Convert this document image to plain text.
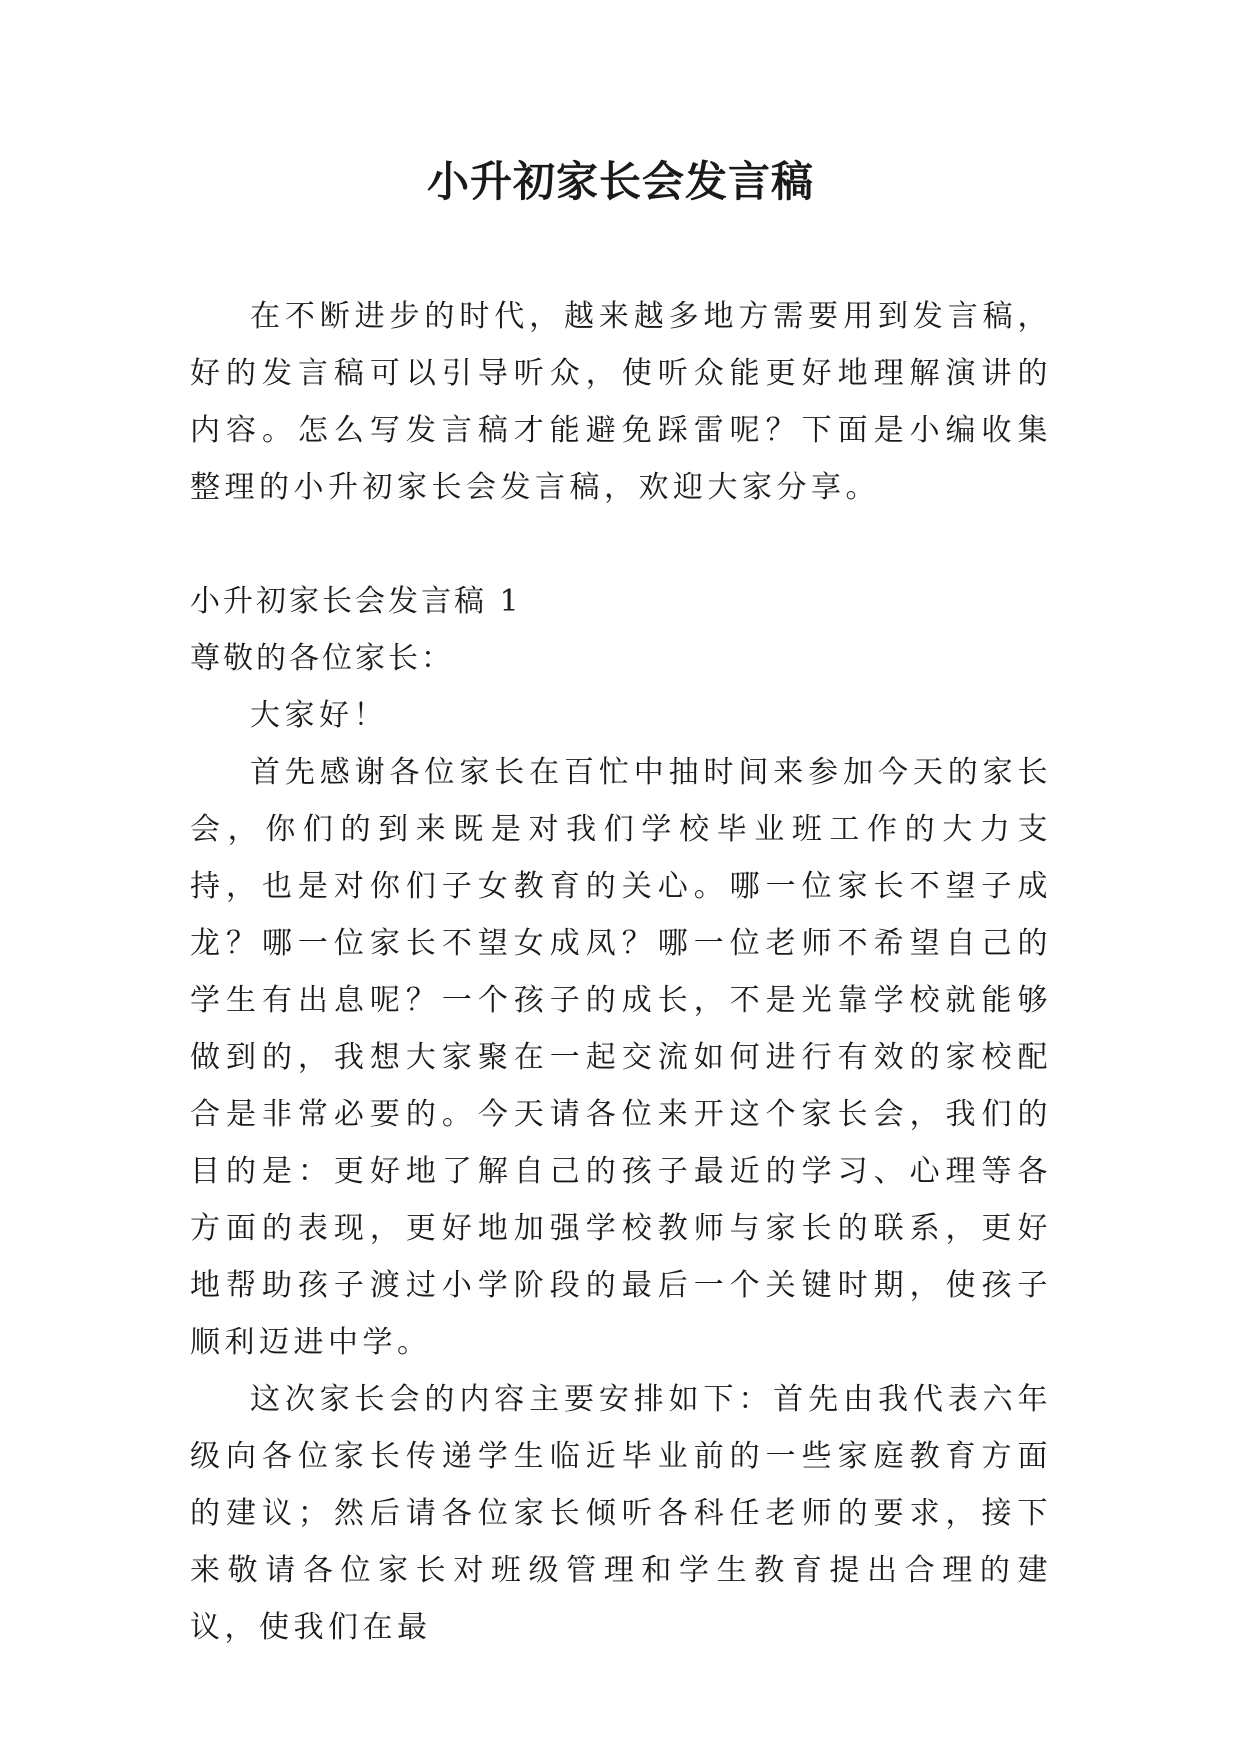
小升初家长会发言稿

在不断进步的时代，越来越多地方需要用到发言稿，好的发言稿可以引导听众，使听众能更好地理解演讲的内容。怎么写发言稿才能避免踩雷呢？下面是小编收集整理的小升初家长会发言稿，欢迎大家分享。

小升初家长会发言稿 1

尊敬的各位家长：

大家好！

首先感谢各位家长在百忙中抽时间来参加今天的家长会，你们的到来既是对我们学校毕业班工作的大力支持，也是对你们子女教育的关心。哪一位家长不望子成龙？哪一位家长不望女成凤？哪一位老师不希望自己的学生有出息呢？一个孩子的成长，不是光靠学校就能够做到的，我想大家聚在一起交流如何进行有效的家校配合是非常必要的。今天请各位来开这个家长会，我们的目的是：更好地了解自己的孩子最近的学习、心理等各方面的表现，更好地加强学校教师与家长的联系，更好地帮助孩子渡过小学阶段的最后一个关键时期，使孩子顺利迈进中学。

这次家长会的内容主要安排如下：首先由我代表六年级向各位家长传递学生临近毕业前的一些家庭教育方面的建议；然后请各位家长倾听各科任老师的要求，接下来敬请各位家长对班级管理和学生教育提出合理的建议，使我们在最
